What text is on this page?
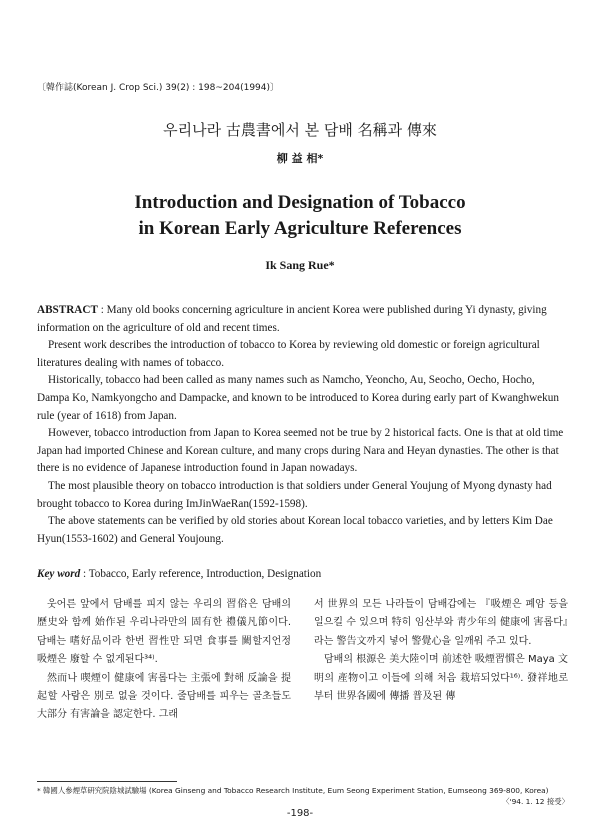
〔韓作誌(Korean J. Crop Sci.) 39(2) : 198~204(1994)〕
우리나라 古農書에서 본 담배 名稱과 傳來
柳 益 相*
Introduction and Designation of Tobacco
in Korean Early Agriculture References
Ik Sang Rue*

ABSTRACT : Many old books concerning agriculture in ancient Korea were published during Yi dynasty, giving information on the agriculture of old and recent times.

Present work describes the introduction of tobacco to Korea by reviewing old domestic or foreign agricultural literatures dealing with names of tobacco.

Historically, tobacco had been called as many names such as Namcho, Yeoncho, Au, Seocho, Oecho, Hocho, Dampa Ko, Namkyongcho and Dampacke, and known to be introduced to Korea during early part of Kwanghwekun rule (year of 1618) from Japan.

However, tobacco introduction from Japan to Korea seemed not be true by 2 historical facts. One is that at old time Japan had imported Chinese and Korean culture, and many crops during Nara and Heyan dynasties. The other is that there is no evidence of Japanese introduction found in Japan nowadays.

The most plausible theory on tobacco introduction is that soldiers under General Youjung of Myong dynasty had brought tobacco to Korea during ImJinWaeRan(1592-1598).

The above statements can be verified by old stories about Korean local tobacco varieties, and by letters Kim Dae Hyun(1553-1602) and General Youjoung.

Key word : Tobacco, Early reference, Introduction, Designation

웃어른 앞에서 담배를 피지 않는 우리의 習俗은 담배의 歷史와 함께 始作된 우리나라만의 固有한 禮儀凡節이다. 담배는 嗜好品이라 한번 習性만 되면 食事를 闕할지언정 吸煙은 廢할 수 없게된다³⁴⁾.

然而나 喫煙이 健康에 害롭다는 主張에 對해 反論을 提起할 사람은 別로 없을 것이다. 줄담배를 피우는 골초들도 大部分 有害論을 認定한다. 그래

서 世界의 모든 나라들이 담배갑에는 『吸煙은 폐암 등을 일으킬 수 있으며 特히 임산부와 靑少年의 健康에 害롭다』라는 警告文까지 넣어 警覺心을 일깨워 주고 있다.

담배의 根源은 美大陸이며 前述한 吸煙習慣은 Maya 文明의 產物이고 이들에 의해 처음 栽培되었다¹⁶⁾. 發祥地로부터 世界各國에 傳播 普及된 傳

* 韓國人參煙草硏究院陰城試驗場 (Korea Ginseng and Tobacco Research Institute, Eum Seong Experiment Station, Eumseong 369-800, Korea)
〈'94. 1. 12 接受〉
-198-
